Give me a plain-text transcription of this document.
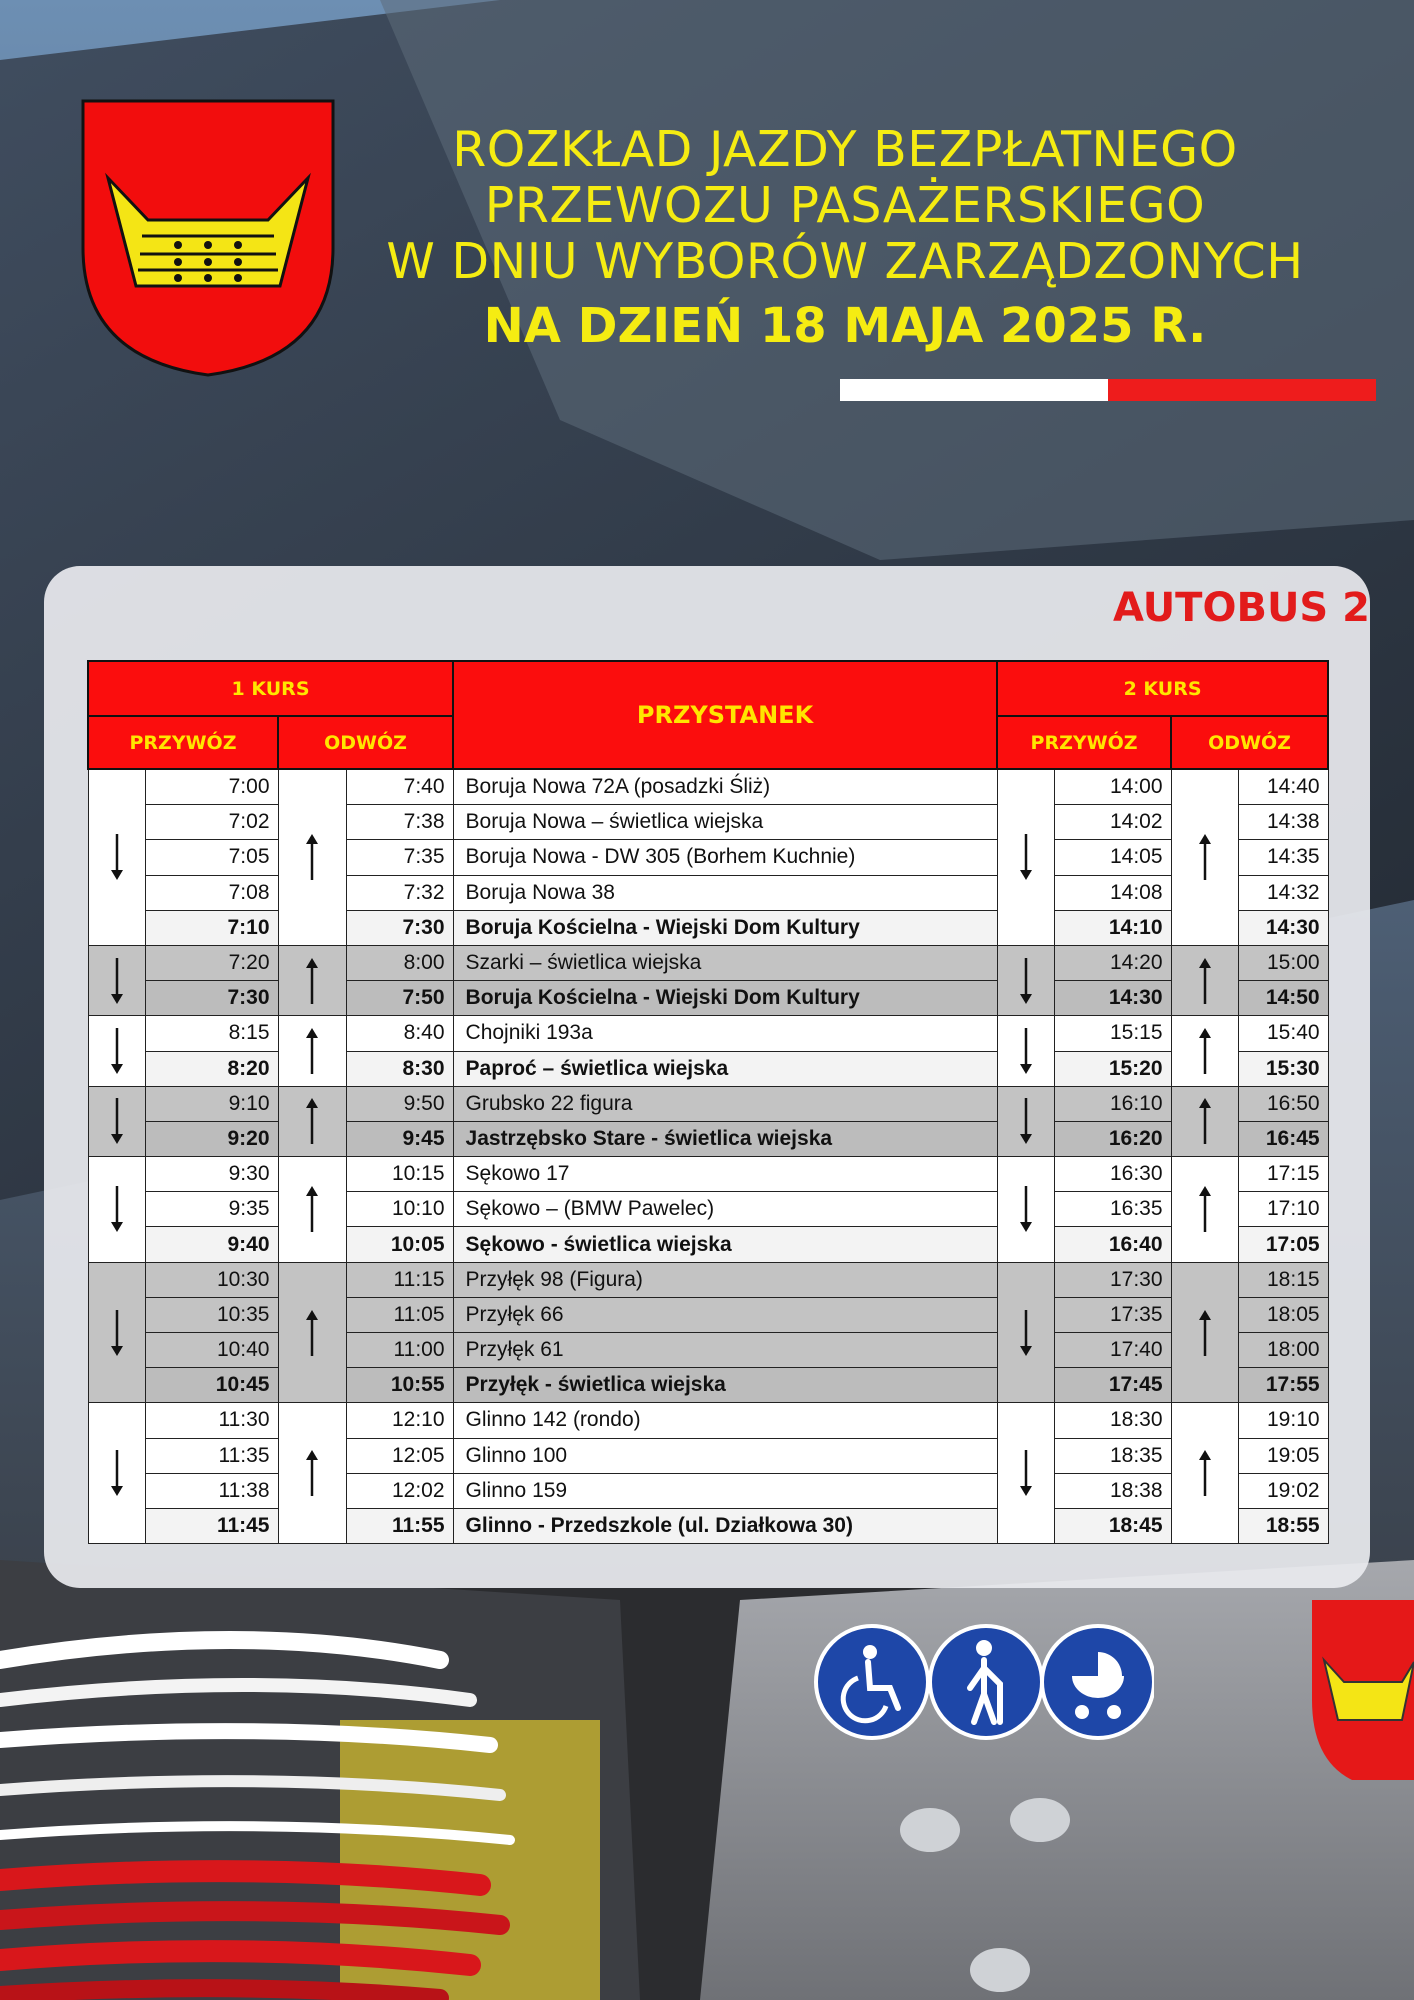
ROZKŁAD JAZDY BEZPŁATNEGO
PRZEWOZU PASAŻERSKIEGO
W DNIU WYBORÓW ZARZĄDZONYCH
NA DZIEŃ 18 MAJA 2025 R.
AUTOBUS 2
1 KURS				PRZYSTANEK	2 KURS			
PRZYWÓZ		ODWÓZ			PRZYWÓZ		ODWÓZ	

	7:00		7:40	Boruja Nowa 72A (posadzki Śliż)		14:00		14:40
	7:02		7:38	Boruja Nowa – świetlica wiejska		14:02		14:38
	7:05		7:35	Boruja Nowa - DW 305 (Borhem Kuchnie)		14:05		14:35
	7:08		7:32	Boruja Nowa 38		14:08		14:32
	7:10		7:30	Boruja Kościelna - Wiejski Dom Kultury		14:10		14:30

	7:20		8:00	Szarki – świetlica wiejska		14:20		15:00
	7:30		7:50	Boruja Kościelna - Wiejski Dom Kultury		14:30		14:50

	8:15		8:40	Chojniki 193a		15:15		15:40
	8:20		8:30	Paproć – świetlica wiejska		15:20		15:30

	9:10		9:50	Grubsko 22 figura		16:10		16:50
	9:20		9:45	Jastrzębsko Stare - świetlica wiejska		16:20		16:45

	9:30		10:15	Sękowo 17		16:30		17:15
	9:35		10:10	Sękowo – (BMW Pawelec)		16:35		17:10
	9:40		10:05	Sękowo - świetlica wiejska		16:40		17:05

	10:30		11:15	Przyłęk 98 (Figura)		17:30		18:15
	10:35		11:05	Przyłęk 66		17:35		18:05
	10:40		11:00	Przyłęk 61		17:40		18:00
	10:45		10:55	Przyłęk - świetlica wiejska		17:45		17:55

	11:30		12:10	Glinno 142 (rondo)		18:30		19:10
	11:35		12:05	Glinno 100		18:35		19:05
	11:38		12:02	Glinno 159		18:38		19:02
	11:45		11:55	Glinno - Przedszkole (ul. Działkowa 30)		18:45		18:55
